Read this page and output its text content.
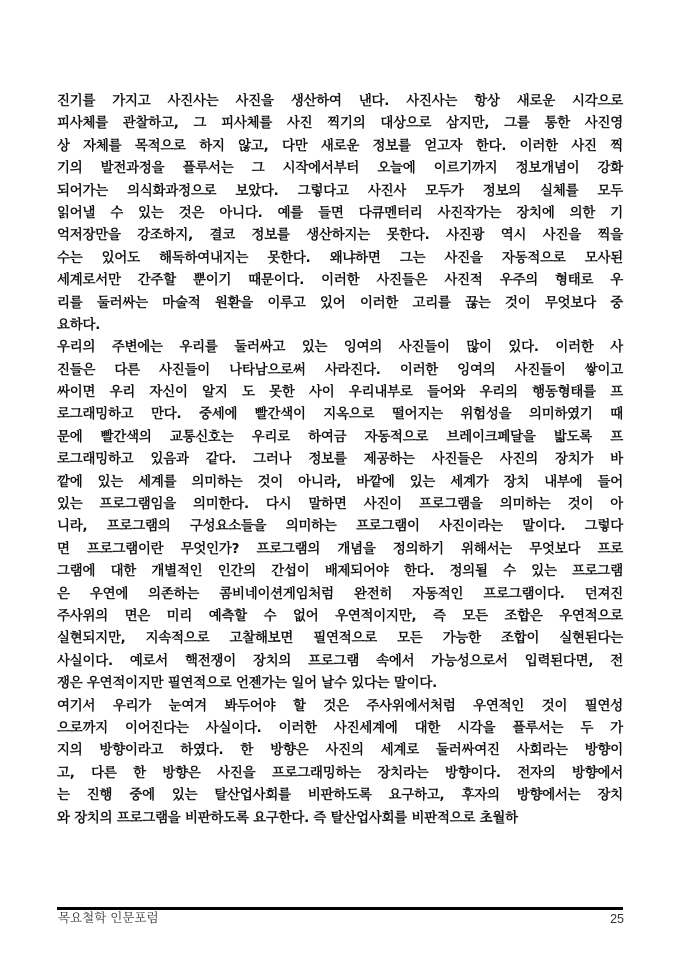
진기를 가지고 사진사는 사진을 생산하여 낸다. 사진사는 항상 새로운 시각으로
피사체를 관찰하고, 그 피사체를 사진 찍기의 대상으로 삼지만, 그를 통한 사진영
상 자체를 목적으로 하지 않고, 다만 새로운 정보를 얻고자 한다. 이러한 사진 찍
기의 발전과정을 플루서는 그 시작에서부터 오늘에 이르기까지 정보개념이 강화
되어가는 의식화과정으로 보았다. 그렇다고 사진사 모두가 정보의 실체를 모두
읽어낼 수 있는 것은 아니다. 예를 들면 다큐멘터리 사진작가는 장치에 의한 기
억저장만을 강조하지, 결코 정보를 생산하지는 못한다. 사진광 역시 사진을 찍을
수는 있어도 해독하여내지는 못한다. 왜냐하면 그는 사진을 자동적으로 모사된
세계로서만 간주할 뿐이기 때문이다. 이러한 사진들은 사진적 우주의 형태로 우
리를 둘러싸는 마술적 원환을 이루고 있어 이러한 고리를 끊는 것이 무엇보다 중
요하다.
우리의 주변에는 우리를 둘러싸고 있는 잉여의 사진들이 많이 있다. 이러한 사
진들은 다른 사진들이 나타남으로써 사라진다. 이러한 잉여의 사진들이 쌓이고
싸이면 우리 자신이 알지 도 못한 사이 우리내부로 들어와 우리의 행동형태를 프
로그래밍하고 만다. 중세에 빨간색이 지옥으로 떨어지는 위험성을 의미하였기 때
문에 빨간색의 교통신호는 우리로 하여금 자동적으로 브레이크페달을 밟도록 프
로그래밍하고 있음과 같다. 그러나 정보를 제공하는 사진들은 사진의 장치가 바
깥에 있는 세계를 의미하는 것이 아니라, 바깥에 있는 세계가 장치 내부에 들어
있는 프로그램임을 의미한다. 다시 말하면 사진이 프로그램을 의미하는 것이 아
니라, 프로그램의 구성요소들을 의미하는 프로그램이 사진이라는 말이다. 그렇다
면 프로그램이란 무엇인가? 프로그램의 개념을 정의하기 위해서는 무엇보다 프로
그램에 대한 개별적인 인간의 간섭이 배제되어야 한다. 정의될 수 있는 프로그램
은 우연에 의존하는 콤비네이션게임처럼 완전히 자동적인 프로그램이다. 던져진
주사위의 면은 미리 예측할 수 없어 우연적이지만, 즉 모든 조합은 우연적으로
실현되지만, 지속적으로 고찰해보면 필연적으로 모든 가능한 조합이 실현된다는
사실이다. 예로서 핵전쟁이 장치의 프로그램 속에서 가능성으로서 입력된다면, 전
쟁은 우연적이지만 필연적으로 언젠가는 일어 날수 있다는 말이다.
여기서 우리가 눈여겨 봐두어야 할 것은 주사위에서처럼 우연적인 것이 필연성
으로까지 이어진다는 사실이다. 이러한 사진세계에 대한 시각을 플루서는 두 가
지의 방향이라고 하였다. 한 방향은 사진의 세계로 둘러싸여진 사회라는 방향이
고, 다른 한 방향은 사진을 프로그래밍하는 장치라는 방향이다. 전자의 방향에서
는 진행 중에 있는 탈산업사회를 비판하도록 요구하고, 후자의 방향에서는 장치
와 장치의 프로그램을 비판하도록 요구한다. 즉 탈산업사회를 비판적으로 초월하
목요철학 인문포럼	25
